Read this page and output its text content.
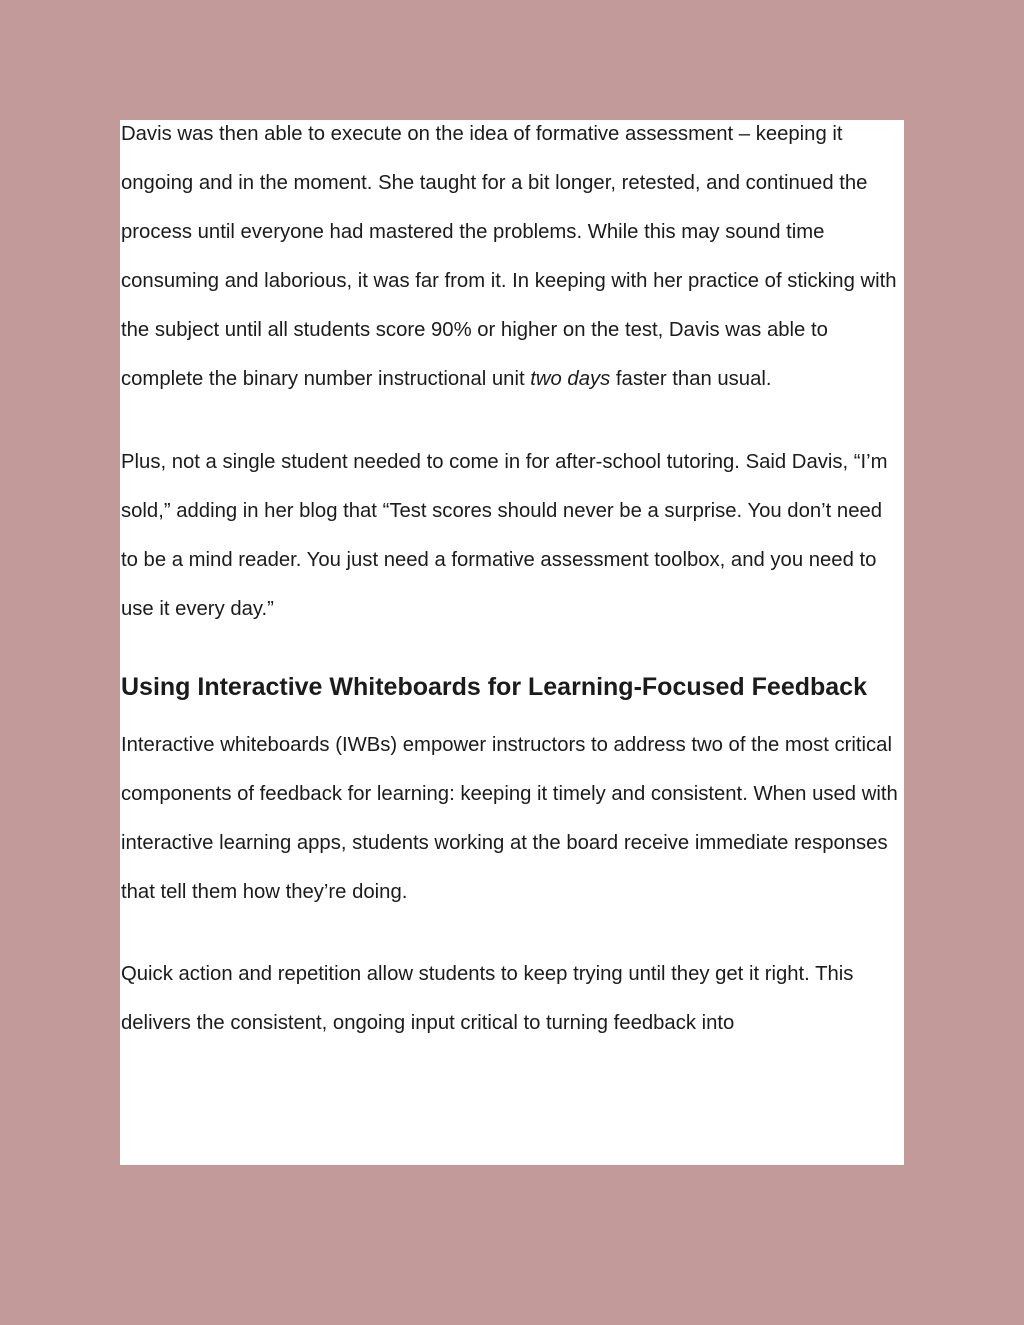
Davis was then able to execute on the idea of formative assessment – keeping it ongoing and in the moment. She taught for a bit longer, retested, and continued the process until everyone had mastered the problems. While this may sound time consuming and laborious, it was far from it. In keeping with her practice of sticking with the subject until all students score 90% or higher on the test, Davis was able to complete the binary number instructional unit two days faster than usual.

Plus, not a single student needed to come in for after-school tutoring. Said Davis, “I’m sold,” adding in her blog that “Test scores should never be a surprise. You don’t need to be a mind reader. You just need a formative assessment toolbox, and you need to use it every day.”

Using Interactive Whiteboards for Learning-Focused Feedback

Interactive whiteboards (IWBs) empower instructors to address two of the most critical components of feedback for learning: keeping it timely and consistent. When used with interactive learning apps, students working at the board receive immediate responses that tell them how they’re doing.

Quick action and repetition allow students to keep trying until they get it right. This delivers the consistent, ongoing input critical to turning feedback into
